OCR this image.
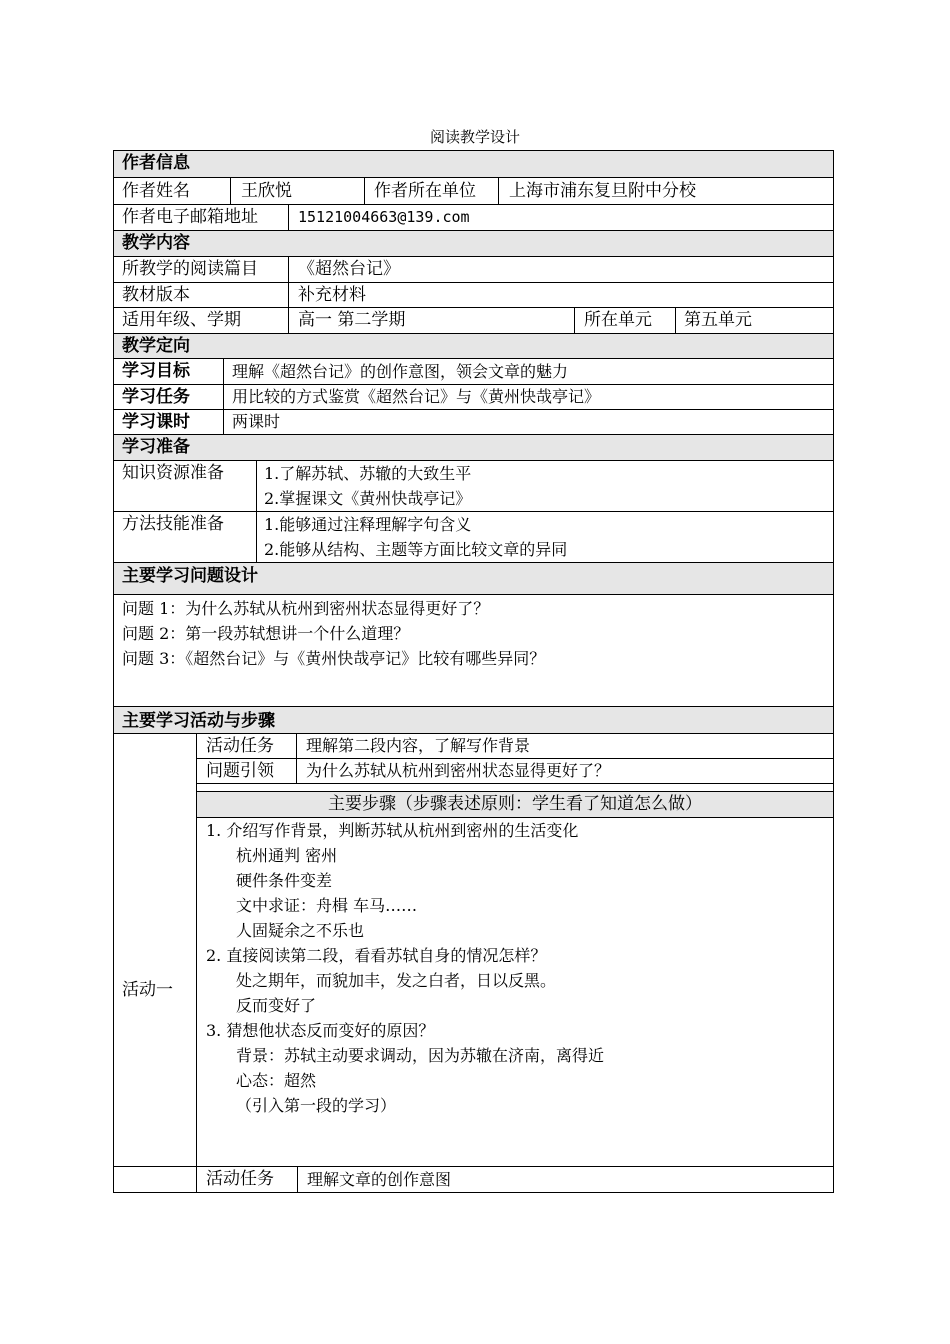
阅读教学设计
作者信息
作者姓名	王欣悦	作者所在单位 上海市浦东复旦附中分校
作者电子邮箱地址	15121004663@139.com
教学内容
所教学的阅读篇目 《超然台记》
教材版本	补充材料
适用年级、学期	高一 第二学期	所在单元 第五单元
教学定向
学习目标	理解《超然台记》的创作意图，领会文章的魅力
学习任务	用比较的方式鉴赏《超然台记》与《黄州快哉亭记》
学习课时	两课时
学习准备
知识资源准备	1.了解苏轼、苏辙的大致生平
2.掌握课文《黄州快哉亭记》
方法技能准备	1.能够通过注释理解字句含义
2.能够从结构、主题等方面比较文章的异同
主要学习问题设计
问题 1：为什么苏轼从杭州到密州状态显得更好了？
问题 2：第一段苏轼想讲一个什么道理？
问题 3：《超然台记》与《黄州快哉亭记》比较有哪些异同？
主要学习活动与步骤
活动一
活动任务 理解第二段内容，了解写作背景
问题引领 为什么苏轼从杭州到密州状态显得更好了？
主要步骤（步骤表述原则：学生看了知道怎么做）
1. 介绍写作背景，判断苏轼从杭州到密州的生活变化
杭州通判 密州
硬件条件变差
文中求证：舟楫 车马……
人固疑余之不乐也
2. 直接阅读第二段，看看苏轼自身的情况怎样？
处之期年，而貌加丰，发之白者，日以反黑。
反而变好了
3. 猜想他状态反而变好的原因？
背景：苏轼主动要求调动，因为苏辙在济南，离得近
心态：超然
（引入第一段的学习）
活动任务 理解文章的创作意图
